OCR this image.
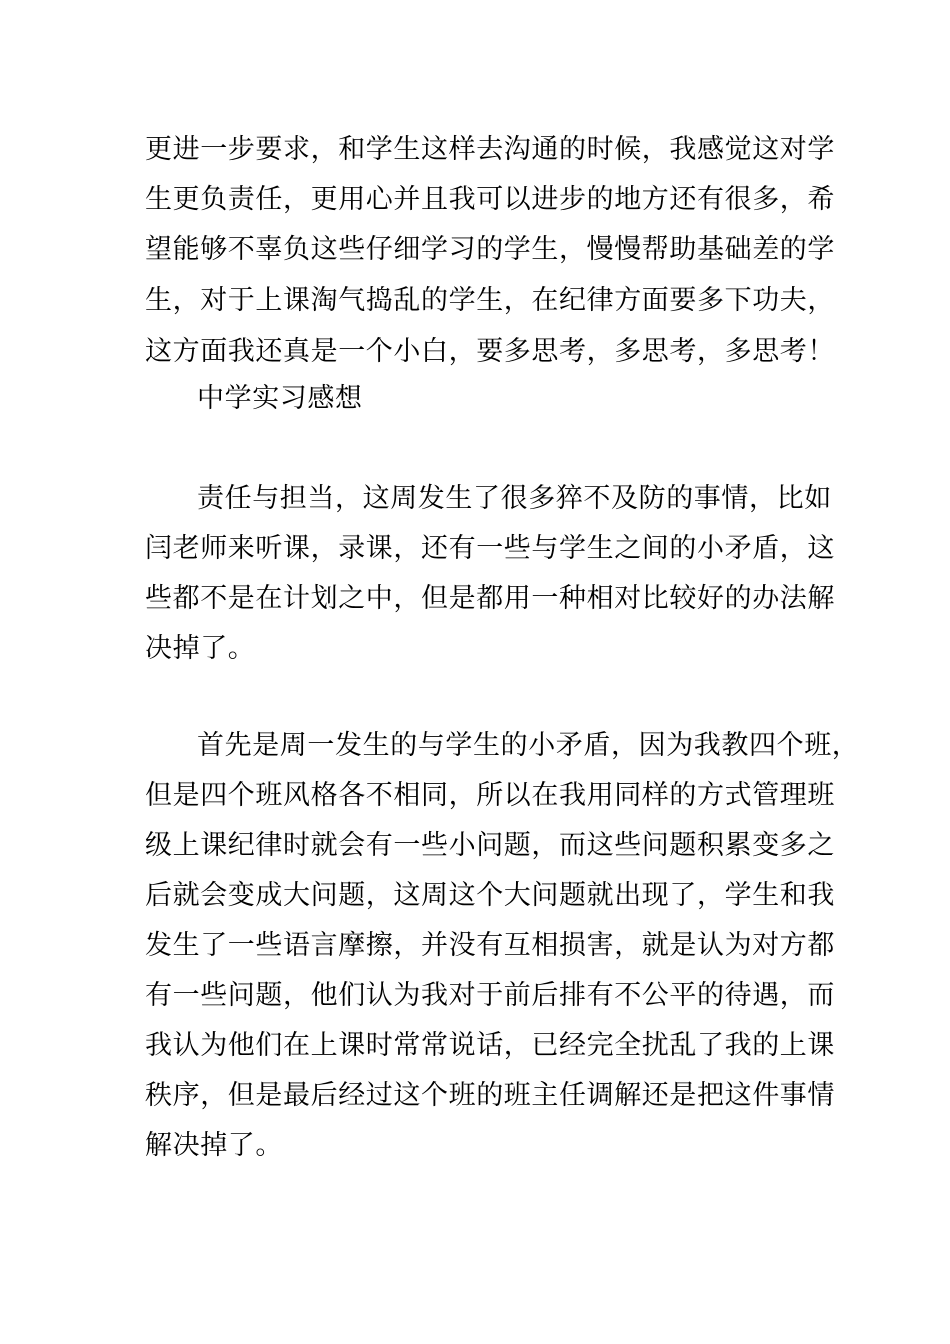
更进一步要求，和学生这样去沟通的时候，我感觉这对学
生更负责任，更用心并且我可以进步的地方还有很多，希
望能够不辜负这些仔细学习的学生，慢慢帮助基础差的学
生，对于上课淘气捣乱的学生，在纪律方面要多下功夫，
这方面我还真是一个小白，要多思考，多思考，多思考！
中学实习感想
责任与担当，这周发生了很多猝不及防的事情，比如
闫老师来听课，录课，还有一些与学生之间的小矛盾，这
些都不是在计划之中，但是都用一种相对比较好的办法解
决掉了。
首先是周一发生的与学生的小矛盾，因为我教四个班，
但是四个班风格各不相同，所以在我用同样的方式管理班
级上课纪律时就会有一些小问题，而这些问题积累变多之
后就会变成大问题，这周这个大问题就出现了，学生和我
发生了一些语言摩擦，并没有互相损害，就是认为对方都
有一些问题，他们认为我对于前后排有不公平的待遇，而
我认为他们在上课时常常说话，已经完全扰乱了我的上课
秩序，但是最后经过这个班的班主任调解还是把这件事情
解决掉了。
